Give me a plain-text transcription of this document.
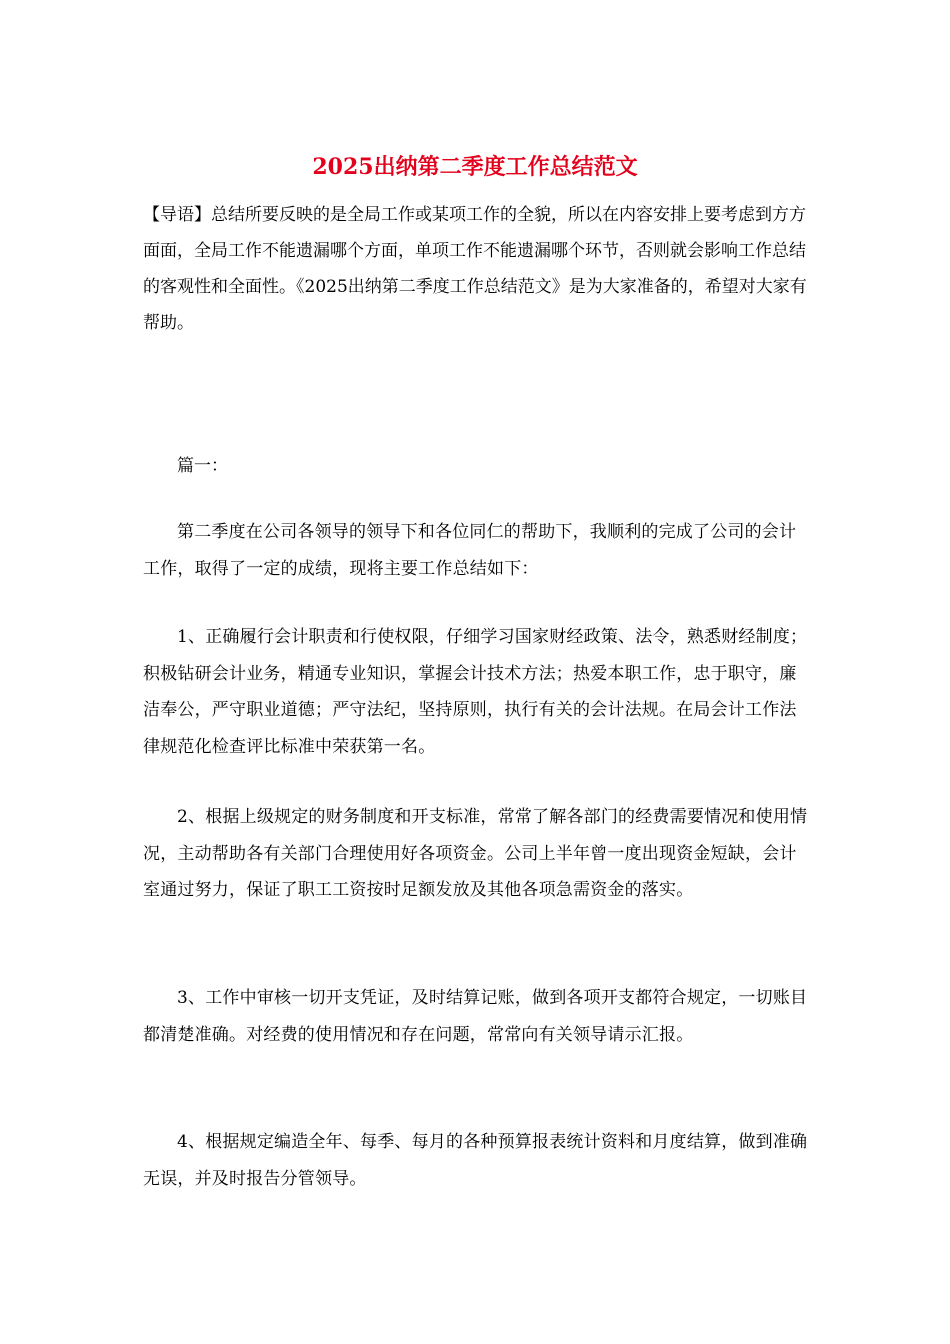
2025出纳第二季度工作总结范文
【导语】总结所要反映的是全局工作或某项工作的全貌，所以在内容安排上要考虑到方方面面，全局工作不能遗漏哪个方面，单项工作不能遗漏哪个环节，否则就会影响工作总结的客观性和全面性。《2025出纳第二季度工作总结范文》是为大家准备的，希望对大家有帮助。
篇一：
第二季度在公司各领导的领导下和各位同仁的帮助下，我顺利的完成了公司的会计工作，取得了一定的成绩，现将主要工作总结如下：
1、正确履行会计职责和行使权限，仔细学习国家财经政策、法令，熟悉财经制度；积极钻研会计业务，精通专业知识，掌握会计技术方法；热爱本职工作，忠于职守，廉洁奉公，严守职业道德；严守法纪，坚持原则，执行有关的会计法规。在局会计工作法律规范化检查评比标准中荣获第一名。
2、根据上级规定的财务制度和开支标准，常常了解各部门的经费需要情况和使用情况，主动帮助各有关部门合理使用好各项资金。公司上半年曾一度出现资金短缺，会计室通过努力，保证了职工工资按时足额发放及其他各项急需资金的落实。
3、工作中审核一切开支凭证，及时结算记账，做到各项开支都符合规定，一切账目都清楚准确。对经费的使用情况和存在问题，常常向有关领导请示汇报。
4、根据规定编造全年、每季、每月的各种预算报表统计资料和月度结算，做到准确无误，并及时报告分管领导。
